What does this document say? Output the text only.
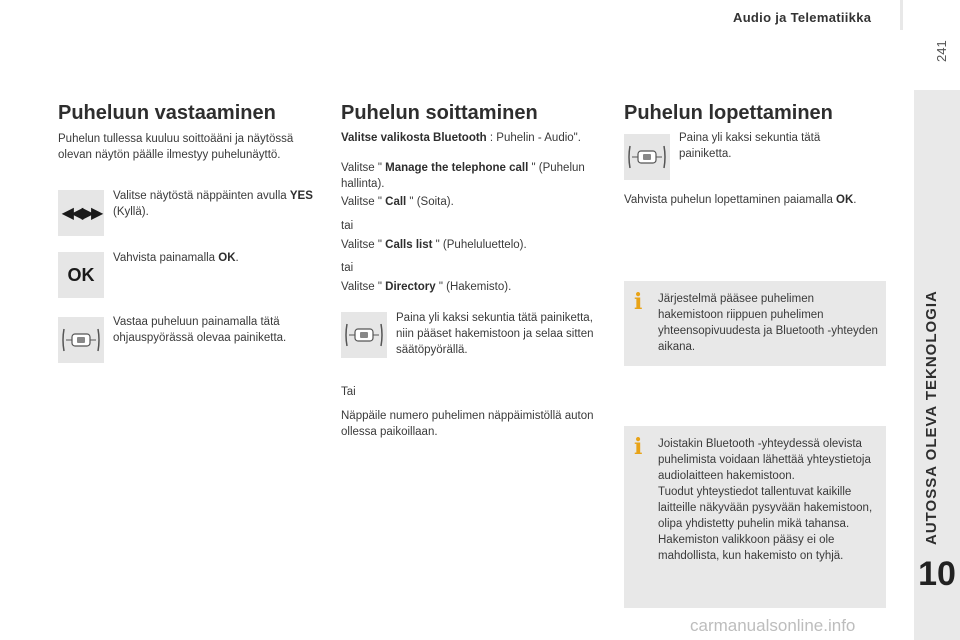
Audio ja Telematiikka
241
AUTOSSA OLEVA TEKNOLOGIA
10
Puheluun vastaaminen

Puhelun tullessa kuuluu soittoääni ja näytössä olevan näytön päälle ilmestyy puhelunäyttö.

◀◀ ▶▶

Valitse näytöstä näppäinten avulla YES (Kyllä).

OK

Vahvista painamalla OK.

Vastaa puheluun painamalla tätä ohjauspyörässä olevaa painiketta.

Puhelun soittaminen

Valitse valikosta Bluetooth : Puhelin - Audio".

Valitse " Manage the telephone call " (Puhelun hallinta).

Valitse " Call " (Soita).

tai

Valitse " Calls list " (Puheluluettelo).

tai

Valitse " Directory " (Hakemisto).

Paina yli kaksi sekuntia tätä painiketta, niin pääset hakemistoon ja selaa sitten säätöpyörällä.

Tai

Näppäile numero puhelimen näppäimistöllä auton ollessa paikoillaan.

Puhelun lopettaminen

Paina yli kaksi sekuntia tätä painiketta.

Vahvista puhelun lopettaminen paiamalla OK.

i Järjestelmä pääsee puhelimen hakemistoon riippuen puhelimen yhteensopivuudesta ja Bluetooth -yhteyden aikana.
i Joistakin Bluetooth -yhteydessä olevista puhelimista voidaan lähettää yhteystietoja audiolaitteen hakemistoon.
Tuodut yhteystiedot tallentuvat kaikille laitteille näkyvään pysyvään hakemistoon, olipa yhdistetty puhelin mikä tahansa.
Hakemiston valikkoon pääsy ei ole mahdollista, kun hakemisto on tyhjä.
carmanualsonline.info
